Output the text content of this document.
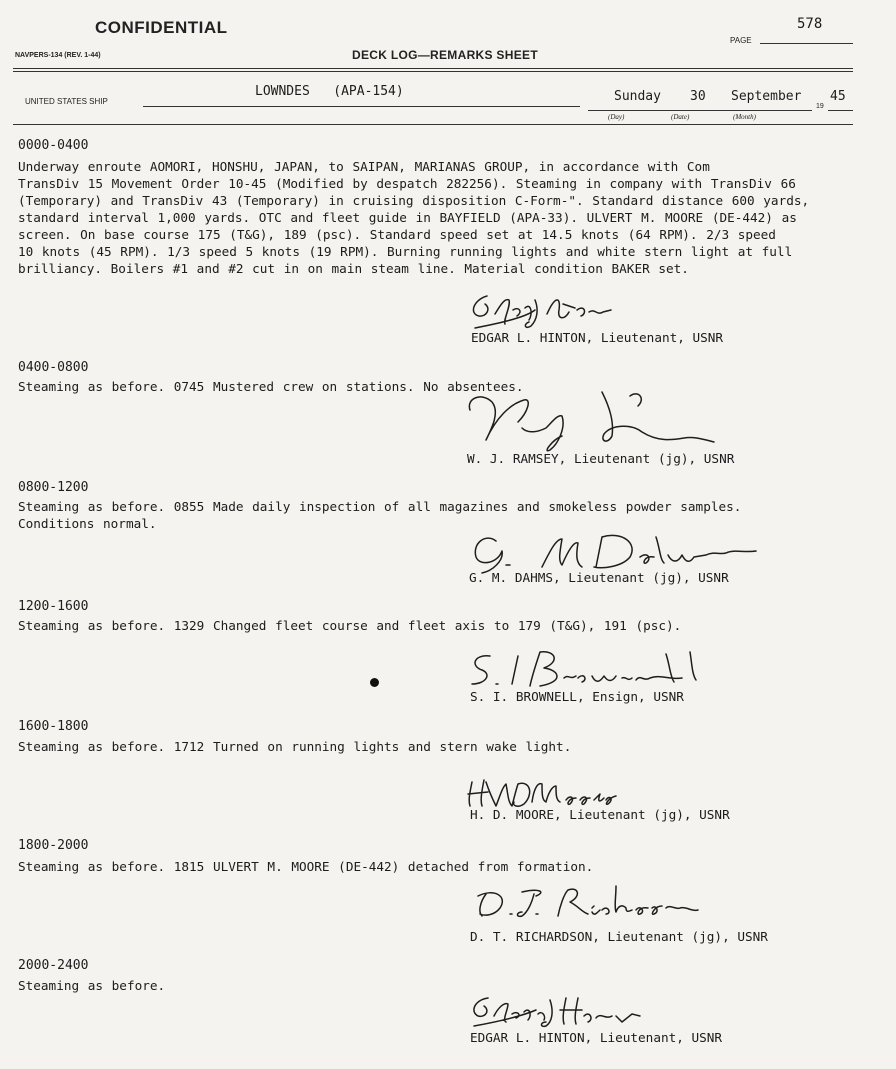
CONFIDENTIAL
NAVPERS-134 (REV. 1-44)	DECK LOG—REMARKS SHEET
PAGE
578
UNITED STATES SHIP
LOWNDES   (APA-154)	Sunday 30 September
19
45
(Day)	(Date)	(Month)
0000-0400
Underway enroute AOMORI, HONSHU, JAPAN, to SAIPAN, MARIANAS GROUP, in accordance with Com
TransDiv 15 Movement Order 10-45 (Modified by despatch 282256). Steaming in company with TransDiv 66
(Temporary) and TransDiv 43 (Temporary) in cruising disposition C-Form-". Standard distance 600 yards,
standard interval 1,000 yards. OTC and fleet guide in BAYFIELD (APA-33). ULVERT M. MOORE (DE-442) as
screen. On base course 175 (T&G), 189 (psc). Standard speed set at 14.5 knots (64 RPM). 2/3 speed
10 knots (45 RPM). 1/3 speed 5 knots (19 RPM). Burning running lights and white stern light at full
brilliancy. Boilers #1 and #2 cut in on main steam line. Material condition BAKER set.
EDGAR L. HINTON, Lieutenant, USNR
0400-0800
Steaming as before. 0745 Mustered crew on stations. No absentees.
W. J. RAMSEY, Lieutenant (jg), USNR
0800-1200
Steaming as before. 0855 Made daily inspection of all magazines and smokeless powder samples.
Conditions normal.
G. M. DAHMS, Lieutenant (jg), USNR
1200-1600
Steaming as before. 1329 Changed fleet course and fleet axis to 179 (T&G), 191 (psc).
S. I. BROWNELL, Ensign, USNR
1600-1800
Steaming as before. 1712 Turned on running lights and stern wake light.
H. D. MOORE, Lieutenant (jg), USNR
1800-2000
Steaming as before. 1815 ULVERT M. MOORE (DE-442) detached from formation.
D. T. RICHARDSON, Lieutenant (jg), USNR
2000-2400
Steaming as before.
EDGAR L. HINTON, Lieutenant, USNR
